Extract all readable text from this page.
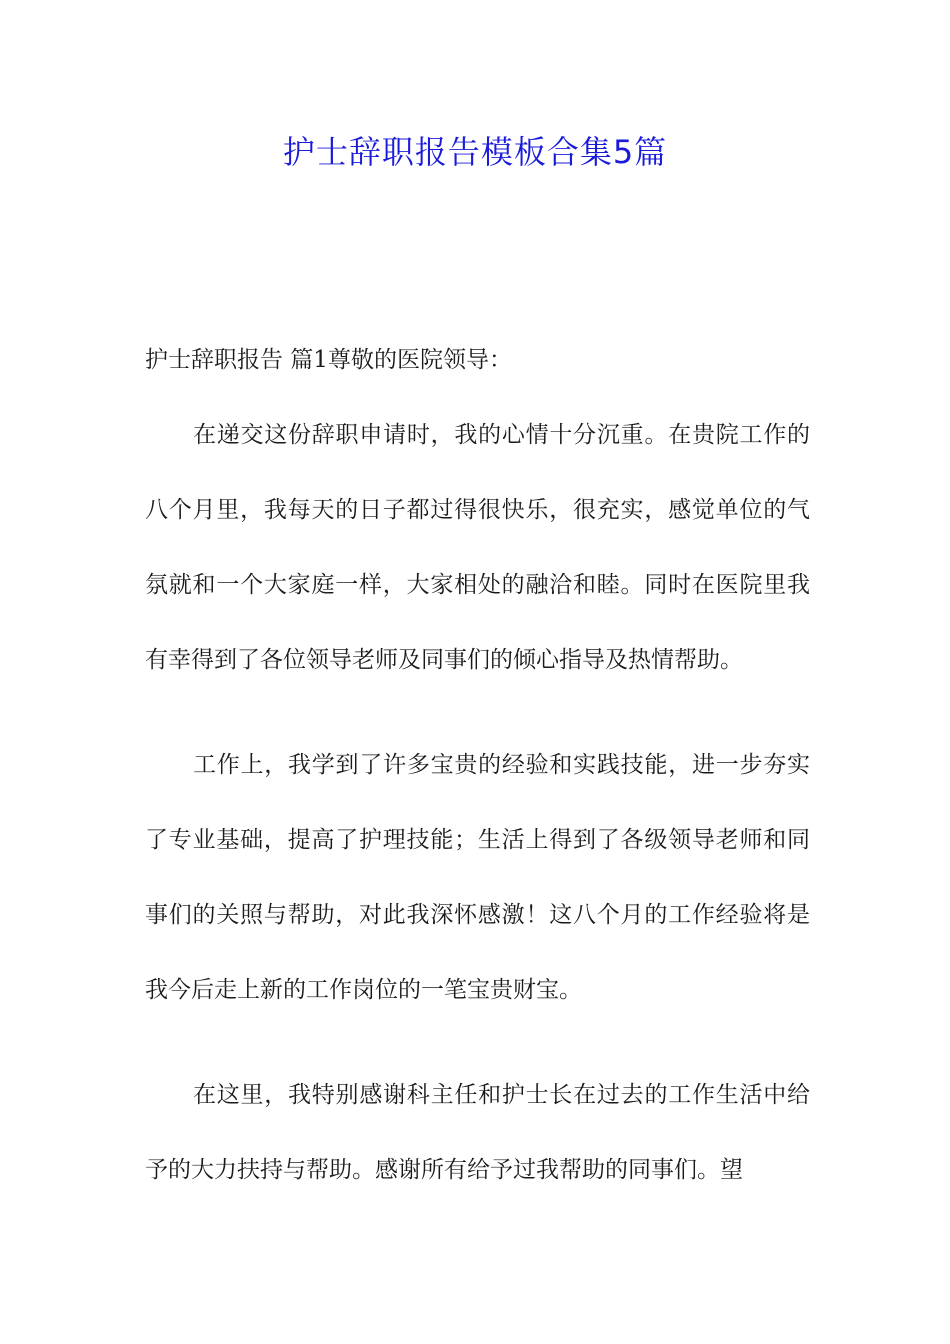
护士辞职报告模板合集5篇

护士辞职报告 篇1尊敬的医院领导：

在递交这份辞职申请时，我的心情十分沉重。在贵院工作的八个月里，我每天的日子都过得很快乐，很充实，感觉单位的气氛就和一个大家庭一样，大家相处的融洽和睦。同时在医院里我有幸得到了各位领导老师及同事们的倾心指导及热情帮助。

工作上，我学到了许多宝贵的经验和实践技能，进一步夯实了专业基础，提高了护理技能；生活上得到了各级领导老师和同事们的关照与帮助，对此我深怀感激！这八个月的工作经验将是我今后走上新的工作岗位的一笔宝贵财宝。

在这里，我特别感谢科主任和护士长在过去的工作生活中给予的大力扶持与帮助。感谢所有给予过我帮助的同事们。望
